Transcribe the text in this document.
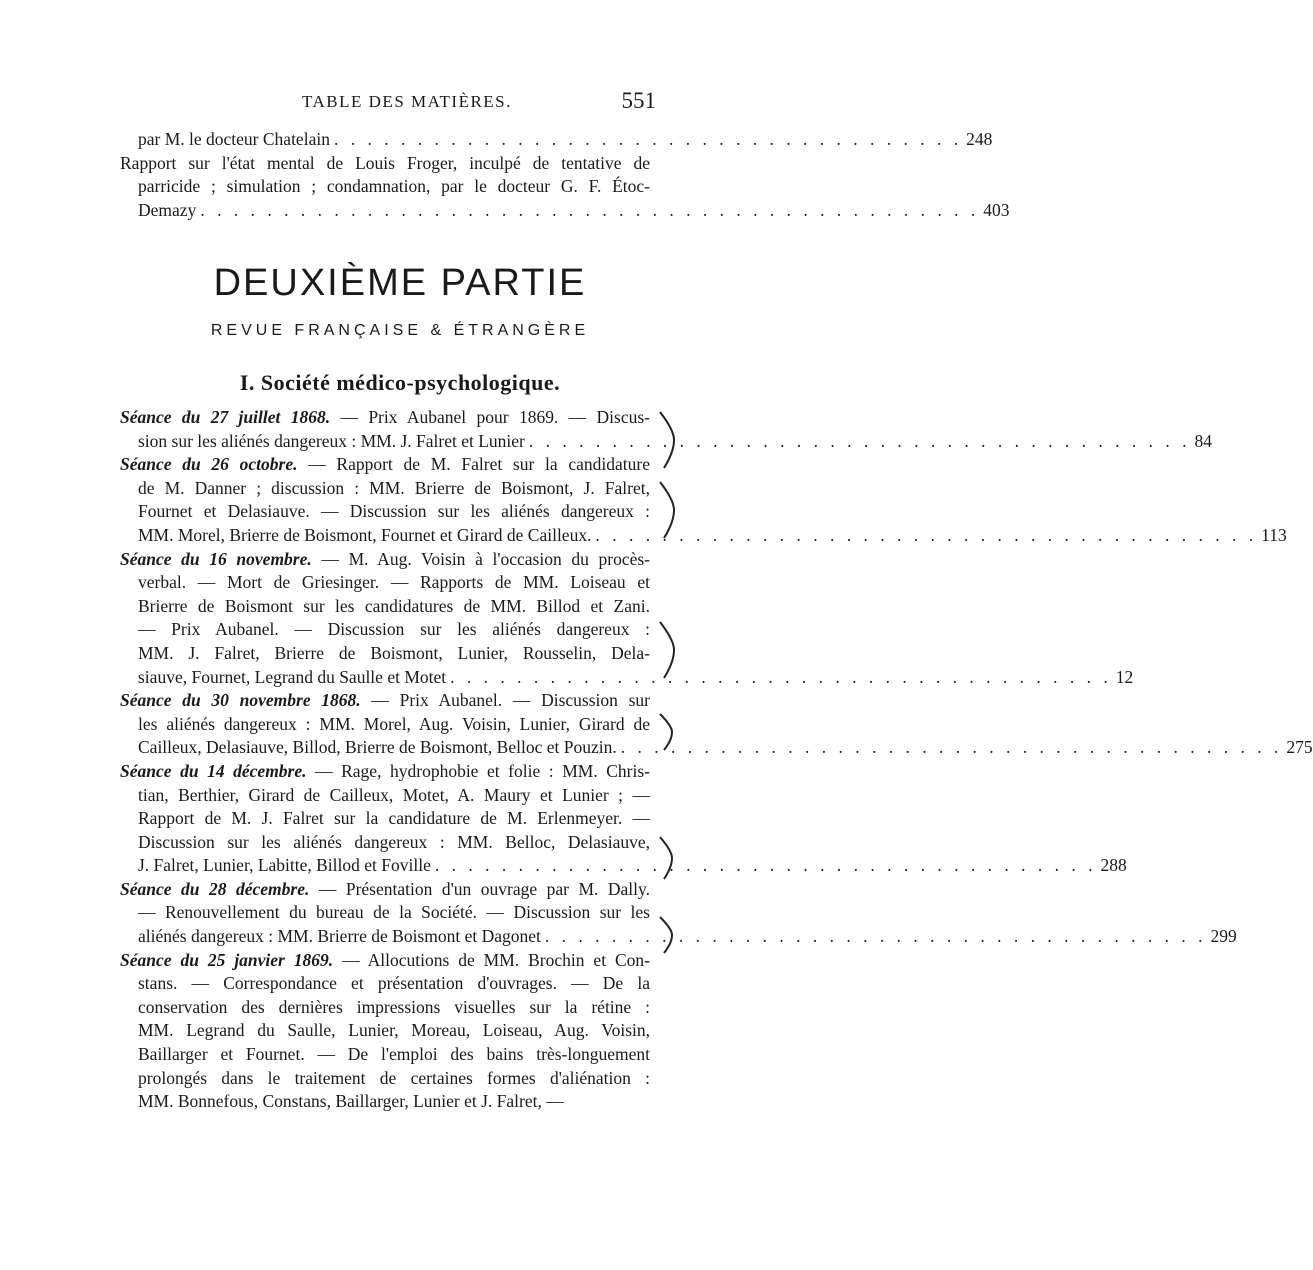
TABLE DES MATIÈRES.	551
par M. le docteur Chatelain . . . . . . . . . . . . . . . . . . . . . . . . . . . . . . . . . . . . . . 248
Rapport sur l'état mental de Louis Froger, inculpé de tentative de
parricide ; simulation ; condamnation, par le docteur G. F. Étoc-
Demazy . . . . . . . . . . . . . . . . . . . . . . . . . . . . . . . . . . . . . . . . . . . . . . . 403
DEUXIÈME PARTIE
REVUE FRANÇAISE & ÉTRANGÈRE
I. Société médico-psychologique.
Séance du 27 juillet 1868. — Prix Aubanel pour 1869. — Discus-
sion sur les aliénés dangereux : MM. J. Falret et Lunier . . . . . . . . . . . . . . . . . . . . . . . . . . . . . . . . . . . . . . . . 84
Séance du 26 octobre. — Rapport de M. Falret sur la candidature
de M. Danner ; discussion : MM. Brierre de Boismont, J. Falret,
Fournet et Delasiauve. — Discussion sur les aliénés dangereux :
MM. Morel, Brierre de Boismont, Fournet et Girard de Cailleux. . . . . . . . . . . . . . . . . . . . . . . . . . . . . . . . . . . . . . . . . 113
Séance du 16 novembre. — M. Aug. Voisin à l'occasion du procès-
verbal. — Mort de Griesinger. — Rapports de MM. Loiseau et
Brierre de Boismont sur les candidatures de MM. Billod et Zani.
— Prix Aubanel. — Discussion sur les aliénés dangereux :
MM. J. Falret, Brierre de Boismont, Lunier, Rousselin, Dela-
siauve, Fournet, Legrand du Saulle et Motet . . . . . . . . . . . . . . . . . . . . . . . . . . . . . . . . . . . . . . . . 12
Séance du 30 novembre 1868. — Prix Aubanel. — Discussion sur
les aliénés dangereux : MM. Morel, Aug. Voisin, Lunier, Girard de
Cailleux, Delasiauve, Billod, Brierre de Boismont, Belloc et Pouzin. . . . . . . . . . . . . . . . . . . . . . . . . . . . . . . . . . . . . . . . . 275
Séance du 14 décembre. — Rage, hydrophobie et folie : MM. Chris-
tian, Berthier, Girard de Cailleux, Motet, A. Maury et Lunier ; —
Rapport de M. J. Falret sur la candidature de M. Erlenmeyer. —
Discussion sur les aliénés dangereux : MM. Belloc, Delasiauve,
J. Falret, Lunier, Labitte, Billod et Foville . . . . . . . . . . . . . . . . . . . . . . . . . . . . . . . . . . . . . . . . 288
Séance du 28 décembre. — Présentation d'un ouvrage par M. Dally.
— Renouvellement du bureau de la Société. — Discussion sur les
aliénés dangereux : MM. Brierre de Boismont et Dagonet . . . . . . . . . . . . . . . . . . . . . . . . . . . . . . . . . . . . . . . . 299
Séance du 25 janvier 1869. — Allocutions de MM. Brochin et Con-
stans. — Correspondance et présentation d'ouvrages. — De la
conservation des dernières impressions visuelles sur la rétine :
MM. Legrand du Saulle, Lunier, Moreau, Loiseau, Aug. Voisin,
Baillarger et Fournet. — De l'emploi des bains très-longuement
prolongés dans le traitement de certaines formes d'aliénation :
MM. Bonnefous, Constans, Baillarger, Lunier et J. Falret, —
